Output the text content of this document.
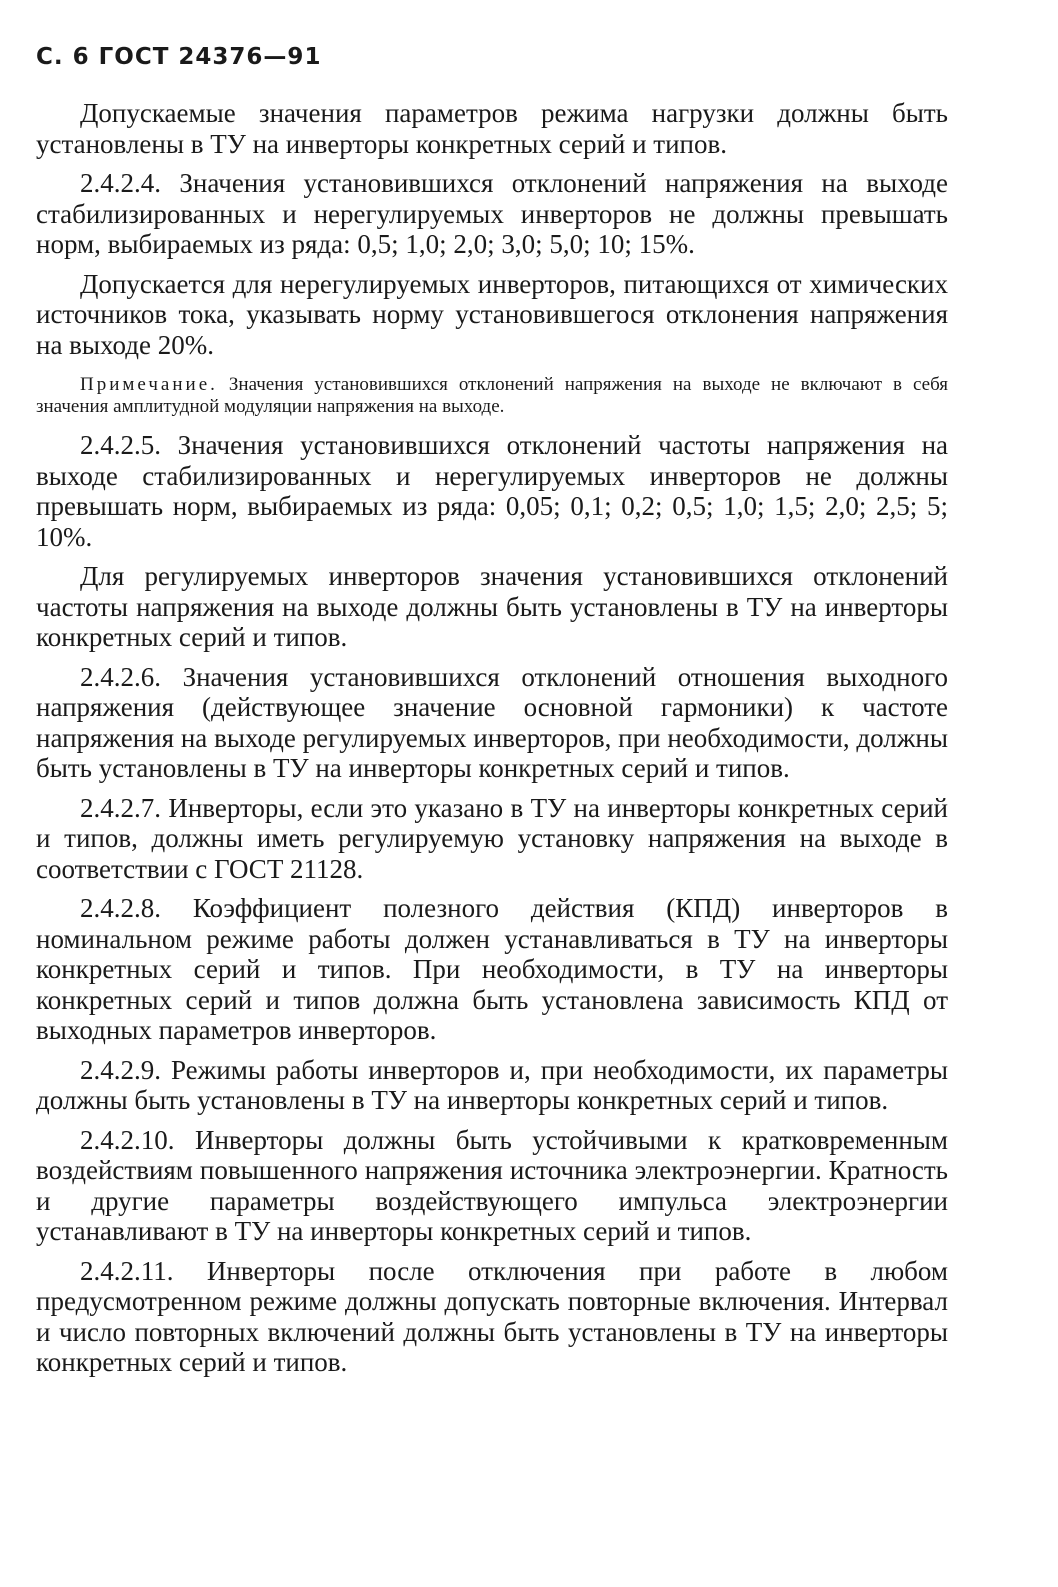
С. 6 ГОСТ 24376—91

Допускаемые значения параметров режима нагрузки должны быть установлены в ТУ на инверторы конкретных серий и типов.

2.4.2.4. Значения установившихся отклонений напряжения на выходе стабилизированных и нерегулируемых инверторов не должны превышать норм, выбираемых из ряда: 0,5; 1,0; 2,0; 3,0; 5,0; 10; 15%.

Допускается для нерегулируемых инверторов, питающихся от химических источников тока, указывать норму установившегося отклонения напряжения на выходе 20%.

Примечание. Значения установившихся отклонений напряжения на выходе не включают в себя значения амплитудной модуляции напряжения на выходе.

2.4.2.5. Значения установившихся отклонений частоты напряжения на выходе стабилизированных и нерегулируемых инверторов не должны превышать норм, выбираемых из ряда: 0,05; 0,1; 0,2; 0,5; 1,0; 1,5; 2,0; 2,5; 5; 10%.

Для регулируемых инверторов значения установившихся отклонений частоты напряжения на выходе должны быть установлены в ТУ на инверторы конкретных серий и типов.

2.4.2.6. Значения установившихся отклонений отношения выходного напряжения (действующее значение основной гармоники) к частоте напряжения на выходе регулируемых инверторов, при необходимости, должны быть установлены в ТУ на инверторы конкретных серий и типов.

2.4.2.7. Инверторы, если это указано в ТУ на инверторы конкретных серий и типов, должны иметь регулируемую установку напряжения на выходе в соответствии с ГОСТ 21128.

2.4.2.8. Коэффициент полезного действия (КПД) инверторов в номинальном режиме работы должен устанавливаться в ТУ на инверторы конкретных серий и типов. При необходимости, в ТУ на инверторы конкретных серий и типов должна быть установлена зависимость КПД от выходных параметров инверторов.

2.4.2.9. Режимы работы инверторов и, при необходимости, их параметры должны быть установлены в ТУ на инверторы конкретных серий и типов.

2.4.2.10. Инверторы должны быть устойчивыми к кратковременным воздействиям повышенного напряжения источника электроэнергии. Кратность и другие параметры воздействующего импульса электроэнергии устанавливают в ТУ на инверторы конкретных серий и типов.

2.4.2.11. Инверторы после отключения при работе в любом предусмотренном режиме должны допускать повторные включения. Интервал и число повторных включений должны быть установлены в ТУ на инверторы конкретных серий и типов.
